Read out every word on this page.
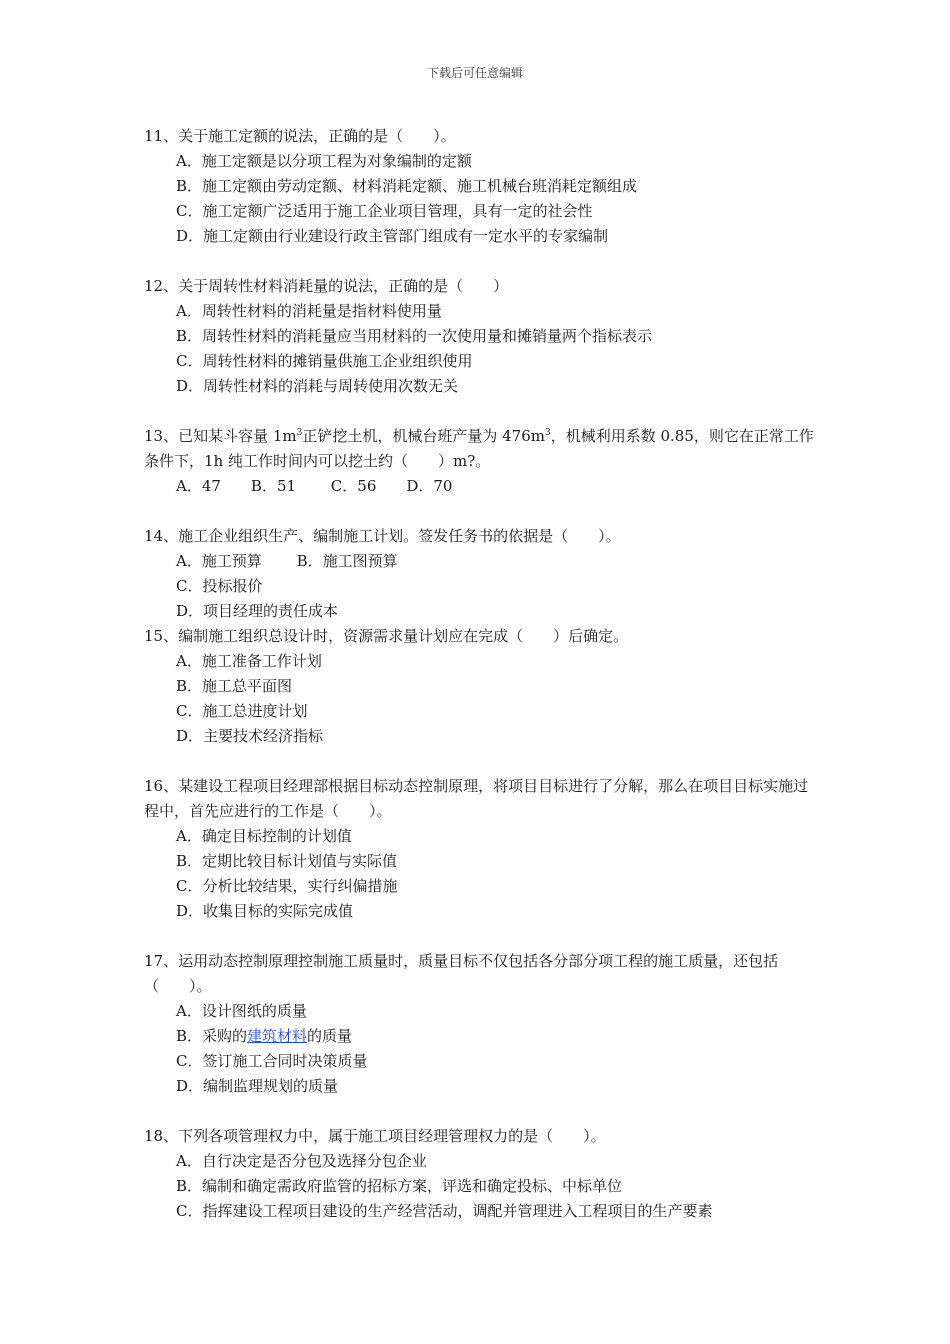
下载后可任意编辑
11、关于施工定额的说法，正确的是（　　）。
A．施工定额是以分项工程为对象编制的定额
B．施工定额由劳动定额、材料消耗定额、施工机械台班消耗定额组成
C．施工定额广泛适用于施工企业项目管理，具有一定的社会性
D．施工定额由行业建设行政主管部门组成有一定水平的专家编制
12、关于周转性材料消耗量的说法，正确的是（　　）
A．周转性材料的消耗量是指材料使用量
B．周转性材料的消耗量应当用材料的一次使用量和摊销量两个指标表示
C．周转性材料的摊销量供施工企业组织使用
D．周转性材料的消耗与周转使用次数无关
13、已知某斗容量 $1m^3$正铲挖土机，机械台班产量为 $476m^3$，机械利用系数 0.85，则它在正常工作条件下，1h 纯工作时间内可以挖土约（　　）m?。
A．47　　B．51　　 C．56　　D．70
14、施工企业组织生产、编制施工计划。签发任务书的依据是（　　）。
A．施工预算　　 B．施工图预算
C．投标报价
D．项目经理的责任成本
15、编制施工组织总设计时，资源需求量计划应在完成（　　）后确定。
A．施工准备工作计划
B．施工总平面图
C．施工总进度计划
D．主要技术经济指标
16、某建设工程项目经理部根据目标动态控制原理，将项目目标进行了分解，那么在项目目标实施过程中，首先应进行的工作是（　　）。
A．确定目标控制的计划值
B．定期比较目标计划值与实际值
C．分析比较结果，实行纠偏措施
D．收集目标的实际完成值
17、运用动态控制原理控制施工质量时，质量目标不仅包括各分部分项工程的施工质量，还包括（　　）。
A．设计图纸的质量
B．采购的建筑材料的质量
C．签订施工合同时决策质量
D．编制监理规划的质量
18、下列各项管理权力中，属于施工项目经理管理权力的是（　　）。
A．自行决定是否分包及选择分包企业
B．编制和确定需政府监管的招标方案，评选和确定投标、中标单位
C．指挥建设工程项目建设的生产经营活动，调配并管理进入工程项目的生产要素
